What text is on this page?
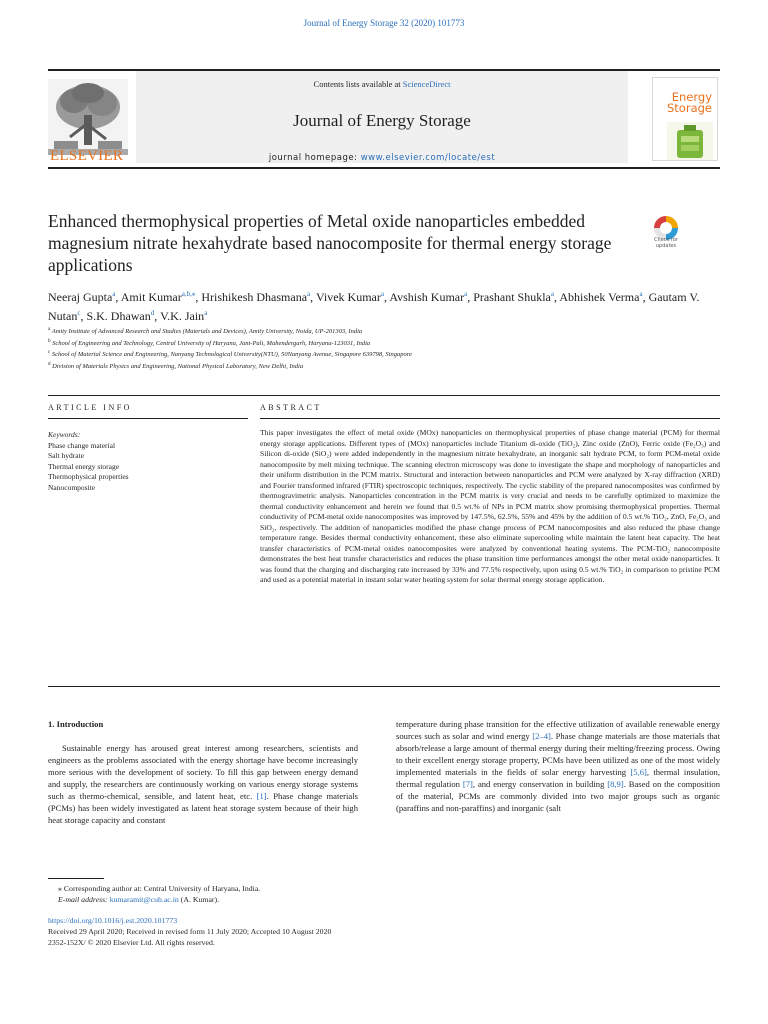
Journal of Energy Storage 32 (2020) 101773
ELSEVIER
Contents lists available at ScienceDirect
Journal of Energy Storage
journal homepage: www.elsevier.com/locate/est
Energy
Storage
Enhanced thermophysical properties of Metal oxide nanoparticles embedded magnesium nitrate hexahydrate based nanocomposite for thermal energy storage applications
Check for updates
Neeraj Gupta$^a$, Amit Kumar$^{a,b,⁎}$, Hrishikesh Dhasmana$^a$, Vivek Kumar$^a$, Avshish Kumar$^a$, Prashant Shukla$^a$, Abhishek Verma$^a$, Gautam V. Nutan$^c$, S.K. Dhawan$^d$, V.K. Jain$^a$
$^a$ Amity Institute of Advanced Research and Studies (Materials and Devices), Amity University, Noida, UP-201303, India
$^b$ School of Engineering and Technology, Central University of Haryana, Jant-Pali, Mahendergarh, Haryana-123031, India
$^c$ School of Material Science and Engineering, Nanyang Technological University(NTU), 50Nanyang Avenue, Singapore 639798, Singapore
$^d$ Division of Materials Physics and Engineering, National Physical Laboratory, New Delhi, India
ARTICLE INFO	ABSTRACT
Keywords:
Phase change material
Salt hydrate
Thermal energy storage
Thermophysical properties
Nanocomposite
This paper investigates the effect of metal oxide (MOx) nanoparticles on thermophysical properties of phase change material (PCM) for thermal energy storage applications. Different types of (MOx) nanoparticles include Titanium di-oxide (TiO₂), Zinc oxide (ZnO), Ferric oxide (Fe₂O₃) and Silicon di-oxide (SiO₂) were added independently in the magnesium nitrate hexahydrate, an inorganic salt hydrate PCM, to form PCM-metal oxide nanocomposite by melt mixing technique. The scanning electron microscopy was done to investigate the shape and morphology of nanoparticles and their uniform distribution in the PCM matrix. Structural and interaction between nanoparticles and PCM were analyzed by X-ray diffraction (XRD) and Fourier transformed infrared (FTIR) spectroscopic techniques, respectively. The cyclic stability of the prepared nanocomposites was confirmed by thermogravimetric analysis. Nanoparticles concentration in the PCM matrix is very crucial and needs to be carefully optimized to maximize the thermal conductivity enhancement and herein we found that 0.5 wt.% of NPs in PCM matrix show promising thermophysical properties. Thermal conductivity of PCM-metal oxide nanocomposites was improved by 147.5%, 62.5%, 55% and 45% by the addition of 0.5 wt.% TiO₂, ZnO, Fe₂O₃ and SiO₂, respectively. The addition of nanoparticles modified the phase change process of PCM nanocomposites and also reduced the phase change temperature range. Besides thermal conductivity enhancement, these also eliminate supercooling while maintain the latent heat capacity. The heat transfer characteristics of PCM-metal oxides nanocomposites were analyzed by conventional heating systems. The PCM-TiO₂ nanocomposite demonstrates the best heat transfer characteristics and reduces the phase transition time performances amongst the other metal oxide nanoparticles. It was found that the charging and discharging rate increased by 33% and 77.5% respectively, upon using 0.5 wt.% TiO₂ in comparison to pristine PCM and used as a potential material in instant solar water heating system for solar thermal energy storage application.
1. Introduction

Sustainable energy has aroused great interest among researchers, scientists and engineers as the problems associated with the energy shortage have become increasingly more serious with the development of society. To fill this gap between energy demand and supply, the researchers are continuously working on various energy storage systems such as thermo-chemical, sensible, and latent heat, etc. [1]. Phase change materials (PCMs) has been widely investigated as latent heat storage system because of their high heat storage capacity and constant

temperature during phase transition for the effective utilization of available renewable energy sources such as solar and wind energy [2–4]. Phase change materials are those materials that absorb/release a large amount of thermal energy during their melting/freezing process. Owing to their excellent energy storage property, PCMs have been utilized as one of the most widely implemented materials in the fields of solar energy harvesting [5,6], thermal insulation, thermal regulation [7], and energy conservation in building [8,9]. Based on the composition of the material, PCMs are commonly divided into two major groups such as organic (paraffins and non-paraffins) and inorganic (salt

⁎ Corresponding author at: Central University of Haryana, India.
E-mail address: kumaramit@cuh.ac.in (A. Kumar).
https://doi.org/10.1016/j.est.2020.101773
Received 29 April 2020; Received in revised form 11 July 2020; Accepted 10 August 2020
2352-152X/ © 2020 Elsevier Ltd. All rights reserved.
